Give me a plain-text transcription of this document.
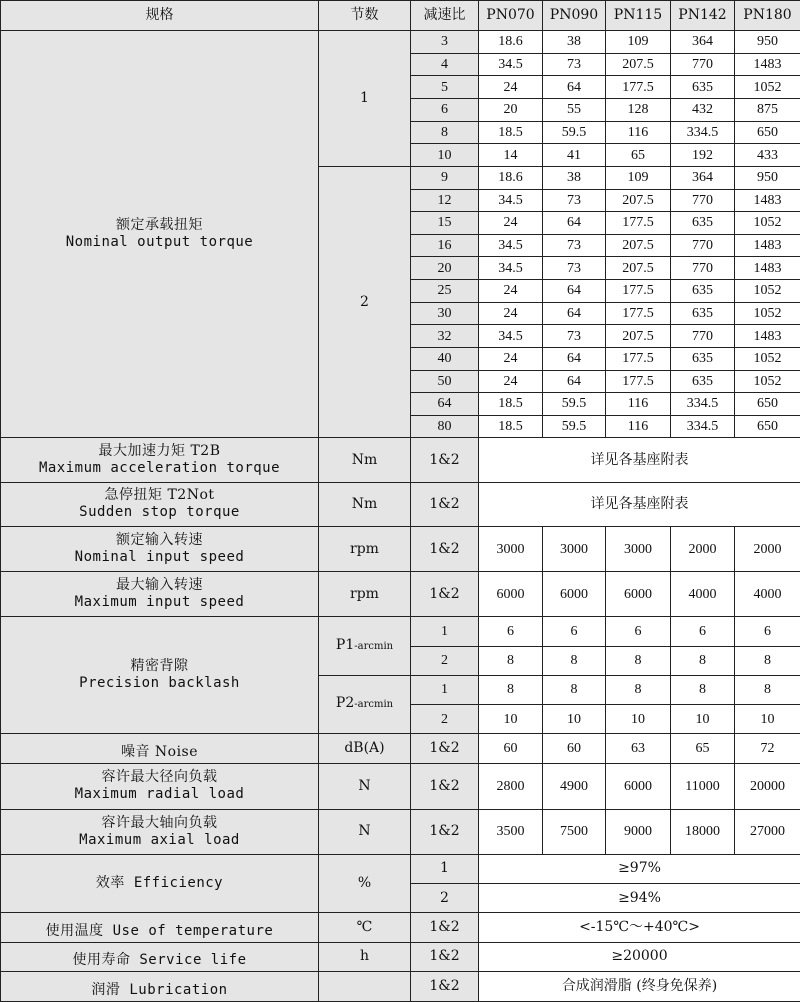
规格	节数	减速比	PN070	PN090	PN115	PN142	PN180

额定承载扭矩
Nominal output torque	1	3	18.6	38	109	364	950
		4	34.5	73	207.5	770	1483
		5	24	64	177.5	635	1052
		6	20	55	128	432	875
		8	18.5	59.5	116	334.5	650
		10	14	41	65	192	433
	2	9	18.6	38	109	364	950
		12	34.5	73	207.5	770	1483
		15	24	64	177.5	635	1052
		16	34.5	73	207.5	770	1483
		20	34.5	73	207.5	770	1483
		25	24	64	177.5	635	1052
		30	24	64	177.5	635	1052
		32	34.5	73	207.5	770	1483
		40	24	64	177.5	635	1052
		50	24	64	177.5	635	1052
		64	18.5	59.5	116	334.5	650
		80	18.5	59.5	116	334.5	650

最大加速力矩 T2B
Maximum acceleration torque	Nm	1&2	详见各基座附表				

急停扭矩 T2Not
Sudden stop torque	Nm	1&2	详见各基座附表				

额定输入转速
Nominal input speed	rpm	1&2	3000	3000	3000	2000	2000

最大输入转速
Maximum input speed	rpm	1&2	6000	6000	6000	4000	4000

精密背隙
Precision backlash	P1-arcmin	1	6	6	6	6	6
		2	8	8	8	8	8
	P2-arcmin	1	8	8	8	8	8
		2	10	10	10	10	10
噪音 Noise	dB(A)	1&2	60	60	63	65	72

容许最大径向负载
Maximum radial load	N	1&2	2800	4900	6000	11000	20000

容许最大轴向负载
Maximum axial load	N	1&2	3500	7500	9000	18000	27000
效率 Efficiency	%	1	≥97%				
		2	≥94%				
使用温度 Use of temperature	℃	1&2	<-15℃～+40℃>				
使用寿命 Service life	h	1&2	≥20000				
润滑 Lubrication		1&2	合成润滑脂 (终身免保养)				
